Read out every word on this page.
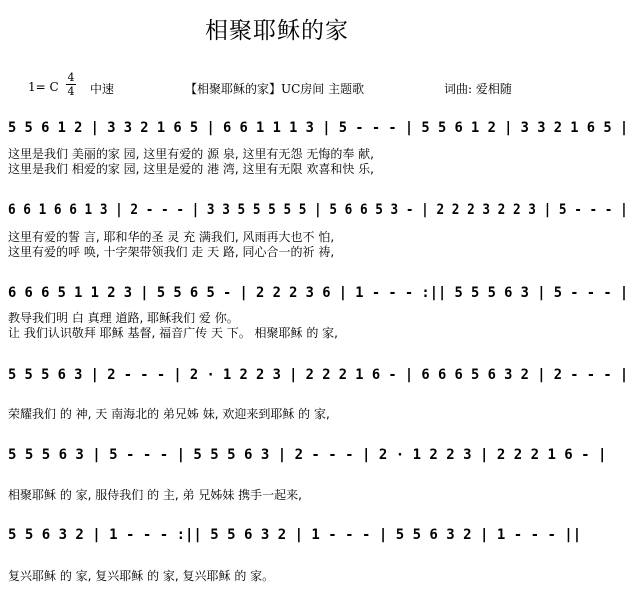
相聚耶稣的家
1= C
4
4 中速	【相聚耶稣的家】UC房间 主题歌	词曲: 爱相随
5 5 6 1 2 | 3 3 2 1 6 5 | 6 6 1 1 1 3 | 5 - - - | 5 5 6 1 2 | 3 3 2 1 6 5 |
这里是我们 美丽的家 园, 这里有爱的 源 泉, 这里有无怨 无悔的奉 献,
这里是我们 相爱的家 园, 这里是爱的 港 湾, 这里有无限 欢喜和快 乐,
6 6 1 6 6 1 3 | 2 - - - | 3 3 5 5 5 5 5 | 5 6 6 5 3 - | 2 2 2 3 2 2 3 | 5 - - - |
这里有爱的誓 言, 耶和华的圣 灵 充 满我们, 风雨再大也不 怕,
这里有爱的呼 唤, 十字架带领我们 走 天 路, 同心合一的祈 祷,
6 6 6 5 1 1 2 3 | 5 5 6 5 - | 2 2 2 3 6 | 1 - - - :|| 5 5 5 6 3 | 5 - - - |
教导我们明 白 真理 道路, 耶稣我们 爱 你。
让 我们认识敬拜 耶稣 基督, 福音广传 天 下。 相聚耶稣 的 家,
5 5 5 6 3 | 2 - - - | 2 · 1 2 2 3 | 2 2 2 1 6 - | 6 6 6 5 6 3 2 | 2 - - - |
荣耀我们 的 神, 天 南海北的 弟兄姊 妹, 欢迎来到耶稣 的 家,
5 5 5 6 3 | 5 - - - | 5 5 5 6 3 | 2 - - - | 2 · 1 2 2 3 | 2 2 2 1 6 - |
相聚耶稣 的 家, 服侍我们 的 主, 弟 兄姊妹 携手一起来,
5 5 6 3 2 | 1 - - - :|| 5 5 6 3 2 | 1 - - - | 5 5 6 3 2 | 1 - - - ||
复兴耶稣 的 家, 复兴耶稣 的 家, 复兴耶稣 的 家。
